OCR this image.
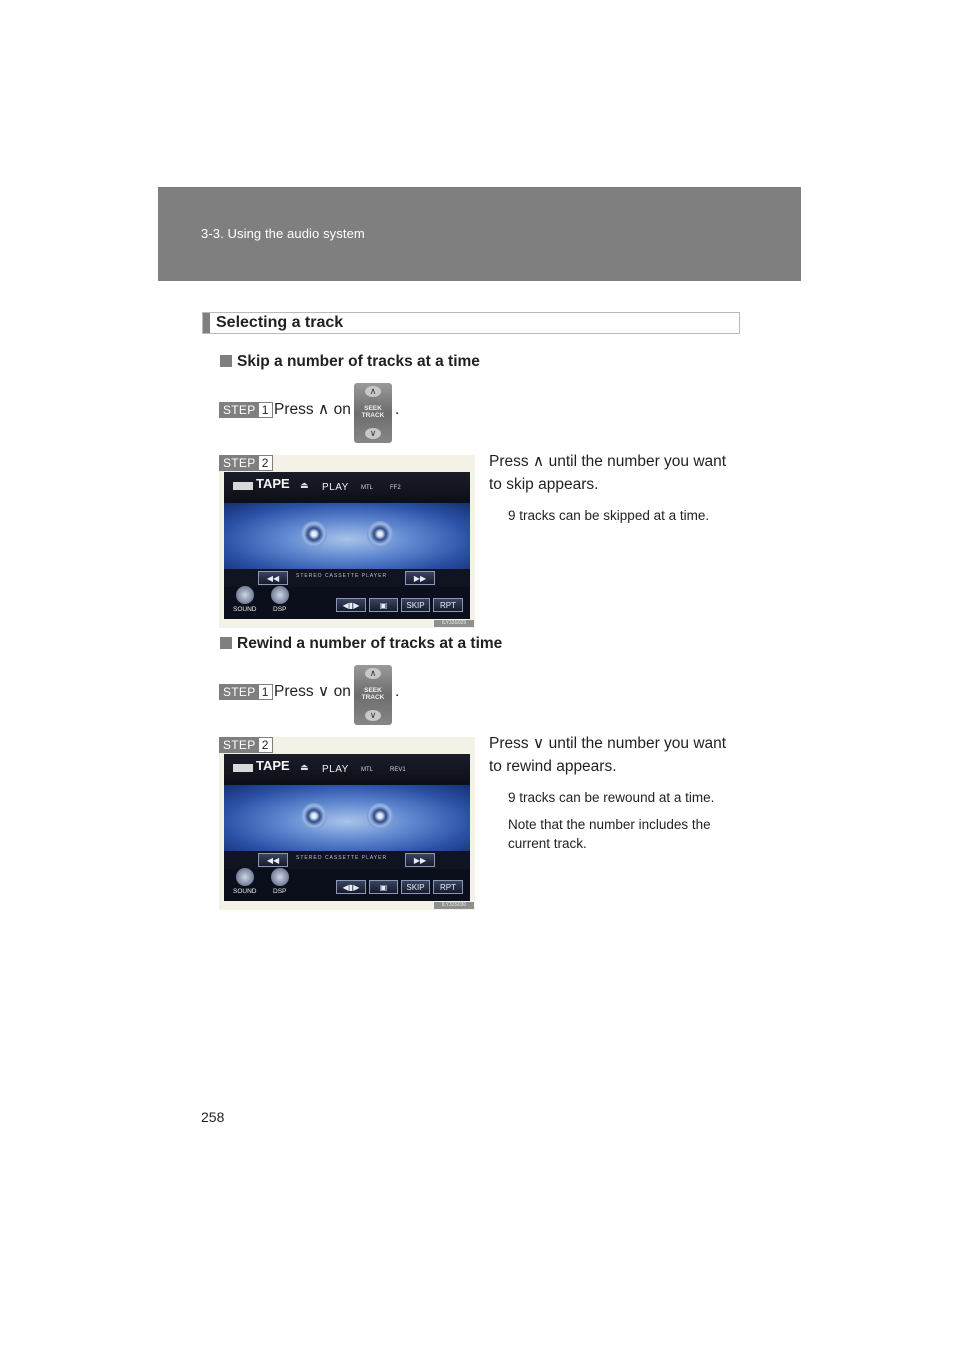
3-3. Using the audio system
Selecting a track
Skip a number of tracks at a time
STEP 1 Press ∧ on
∧
SEEK
TRACK
∨
.
STEP 2
TAPE ⏏ PLAY MTL	FF2
◀◀	STEREO CASSETTE PLAYER	▶▶
SOUND	DSP	◀▮▶	▣	SKIP	RPT
ILY33S029
Press ∧ until the number you want
to skip appears.
9 tracks can be skipped at a time.
Rewind a number of tracks at a time
STEP 1 Press ∨ on
∧
SEEK
TRACK
∨
.
STEP 2
TAPE ⏏ PLAY MTL	REV1
◀◀	STEREO CASSETTE PLAYER	▶▶
SOUND	DSP	◀▮▶	▣	SKIP	RPT
ILY33S030
Press ∨ until the number you want
to rewind appears.
9 tracks can be rewound at a time.
Note that the number includes the
current track.
258
